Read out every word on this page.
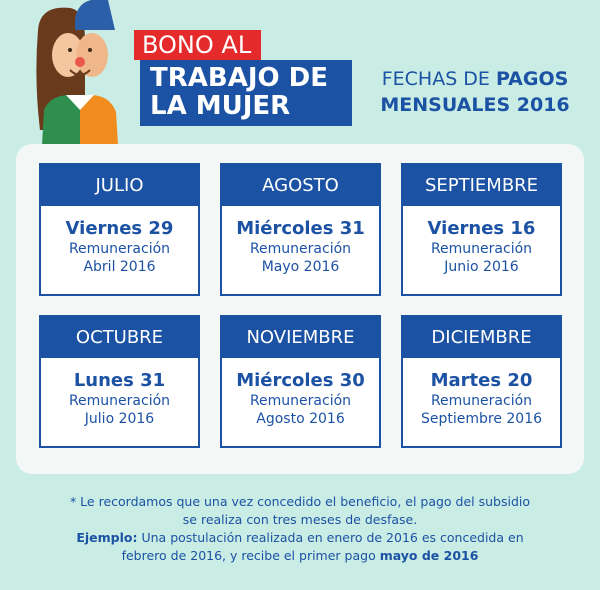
BONO AL
TRABAJO DE
LA MUJER
FECHAS DE PAGOS
MENSUALES 2016
JULIO
Viernes 29
Remuneración
Abril 2016
AGOSTO
Miércoles 31
Remuneración
Mayo 2016
SEPTIEMBRE
Viernes 16
Remuneración
Junio 2016
OCTUBRE
Lunes 31
Remuneración
Julio 2016
NOVIEMBRE
Miércoles 30
Remuneración
Agosto 2016
DICIEMBRE
Martes 20
Remuneración
Septiembre 2016
* Le recordamos que una vez concedido el beneficio, el pago del subsidio
se realiza con tres meses de desfase.
Ejemplo: Una postulación realizada en enero de 2016 es concedida en
febrero de 2016, y recibe el primer pago mayo de 2016
